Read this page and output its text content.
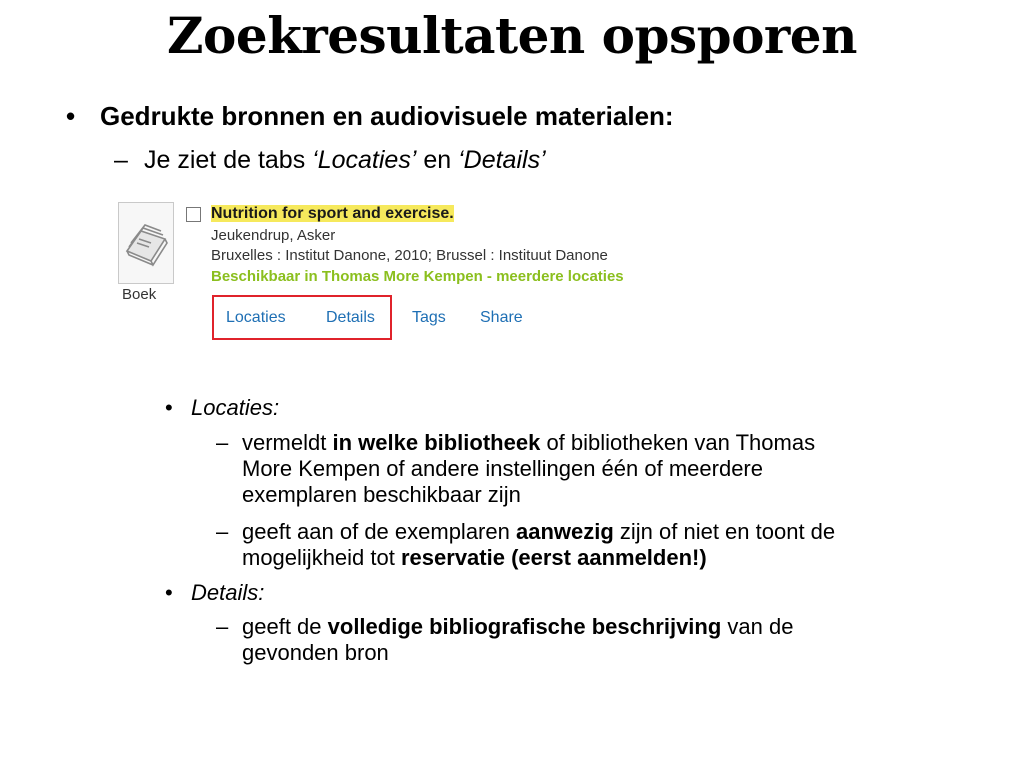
Zoekresultaten opsporen
• Gedrukte bronnen en audiovisuele materialen:
– Je ziet de tabs ‘Locaties’ en ‘Details’
Boek
Nutrition for sport and exercise.
Jeukendrup, Asker
Bruxelles : Institut Danone, 2010; Brussel : Instituut Danone
Beschikbaar in Thomas More Kempen - meerdere locaties
Locaties	Details Tags Share
• Locaties:
– vermeldt in welke bibliotheek of bibliotheken van Thomas
More Kempen of andere instellingen één of meerdere
exemplaren beschikbaar zijn
– geeft aan of de exemplaren aanwezig zijn of niet en toont de
mogelijkheid tot reservatie (eerst aanmelden!)
• Details:
– geeft de volledige bibliografische beschrijving van de
gevonden bron
